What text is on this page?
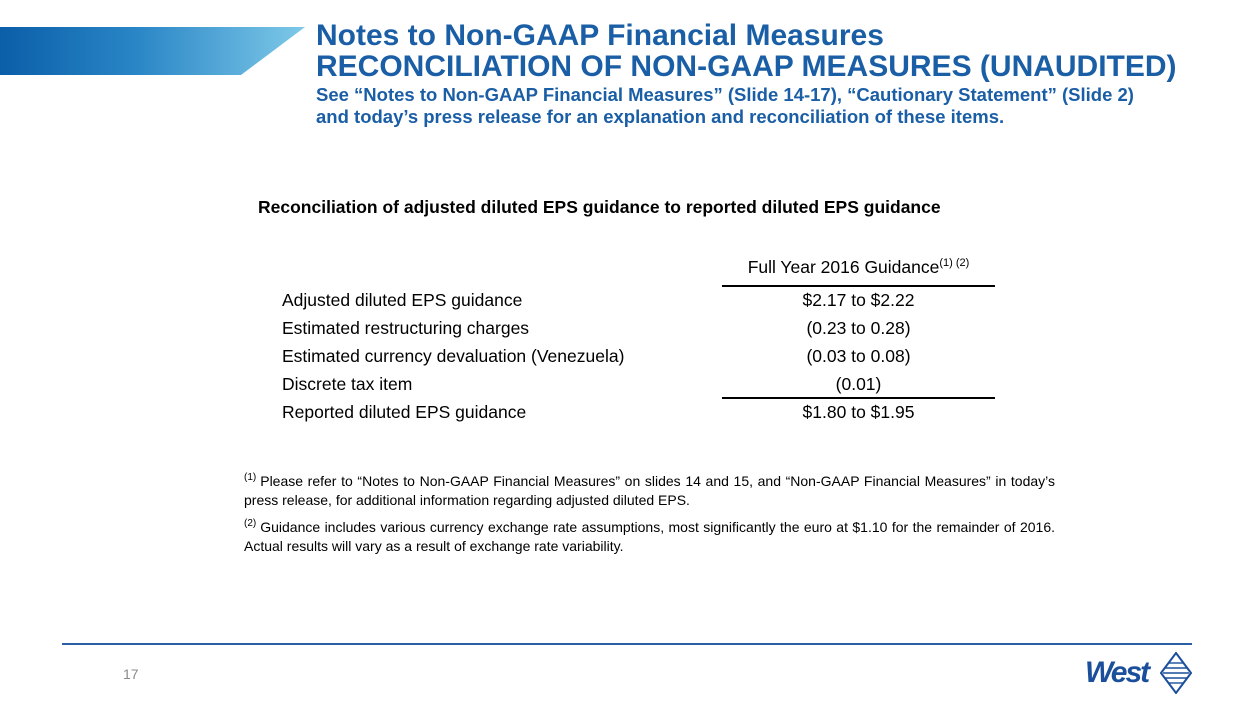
Notes to Non-GAAP Financial Measures
RECONCILIATION OF NON-GAAP MEASURES (UNAUDITED)
See “Notes to Non-GAAP Financial Measures” (Slide 14-17), “Cautionary Statement” (Slide 2)
and today’s press release for an explanation and reconciliation of these items.
Reconciliation of adjusted diluted EPS guidance to reported diluted EPS guidance
Full Year 2016 Guidance$^{(1) (2)}$
Adjusted diluted EPS guidance	$2.17 to $2.22
Estimated restructuring charges	(0.23 to 0.28)
Estimated currency devaluation (Venezuela)	(0.03 to 0.08)
Discrete tax item	(0.01)
Reported diluted EPS guidance	$1.80 to $1.95

$^{(1)}$ Please refer to “Notes to Non-GAAP Financial Measures” on slides 14 and 15, and “Non-GAAP Financial Measures” in today’s press release, for additional information regarding adjusted diluted EPS.

$^{(2)}$ Guidance includes various currency exchange rate assumptions, most significantly the euro at $1.10 for the remainder of 2016. Actual results will vary as a result of exchange rate variability.

17	West
